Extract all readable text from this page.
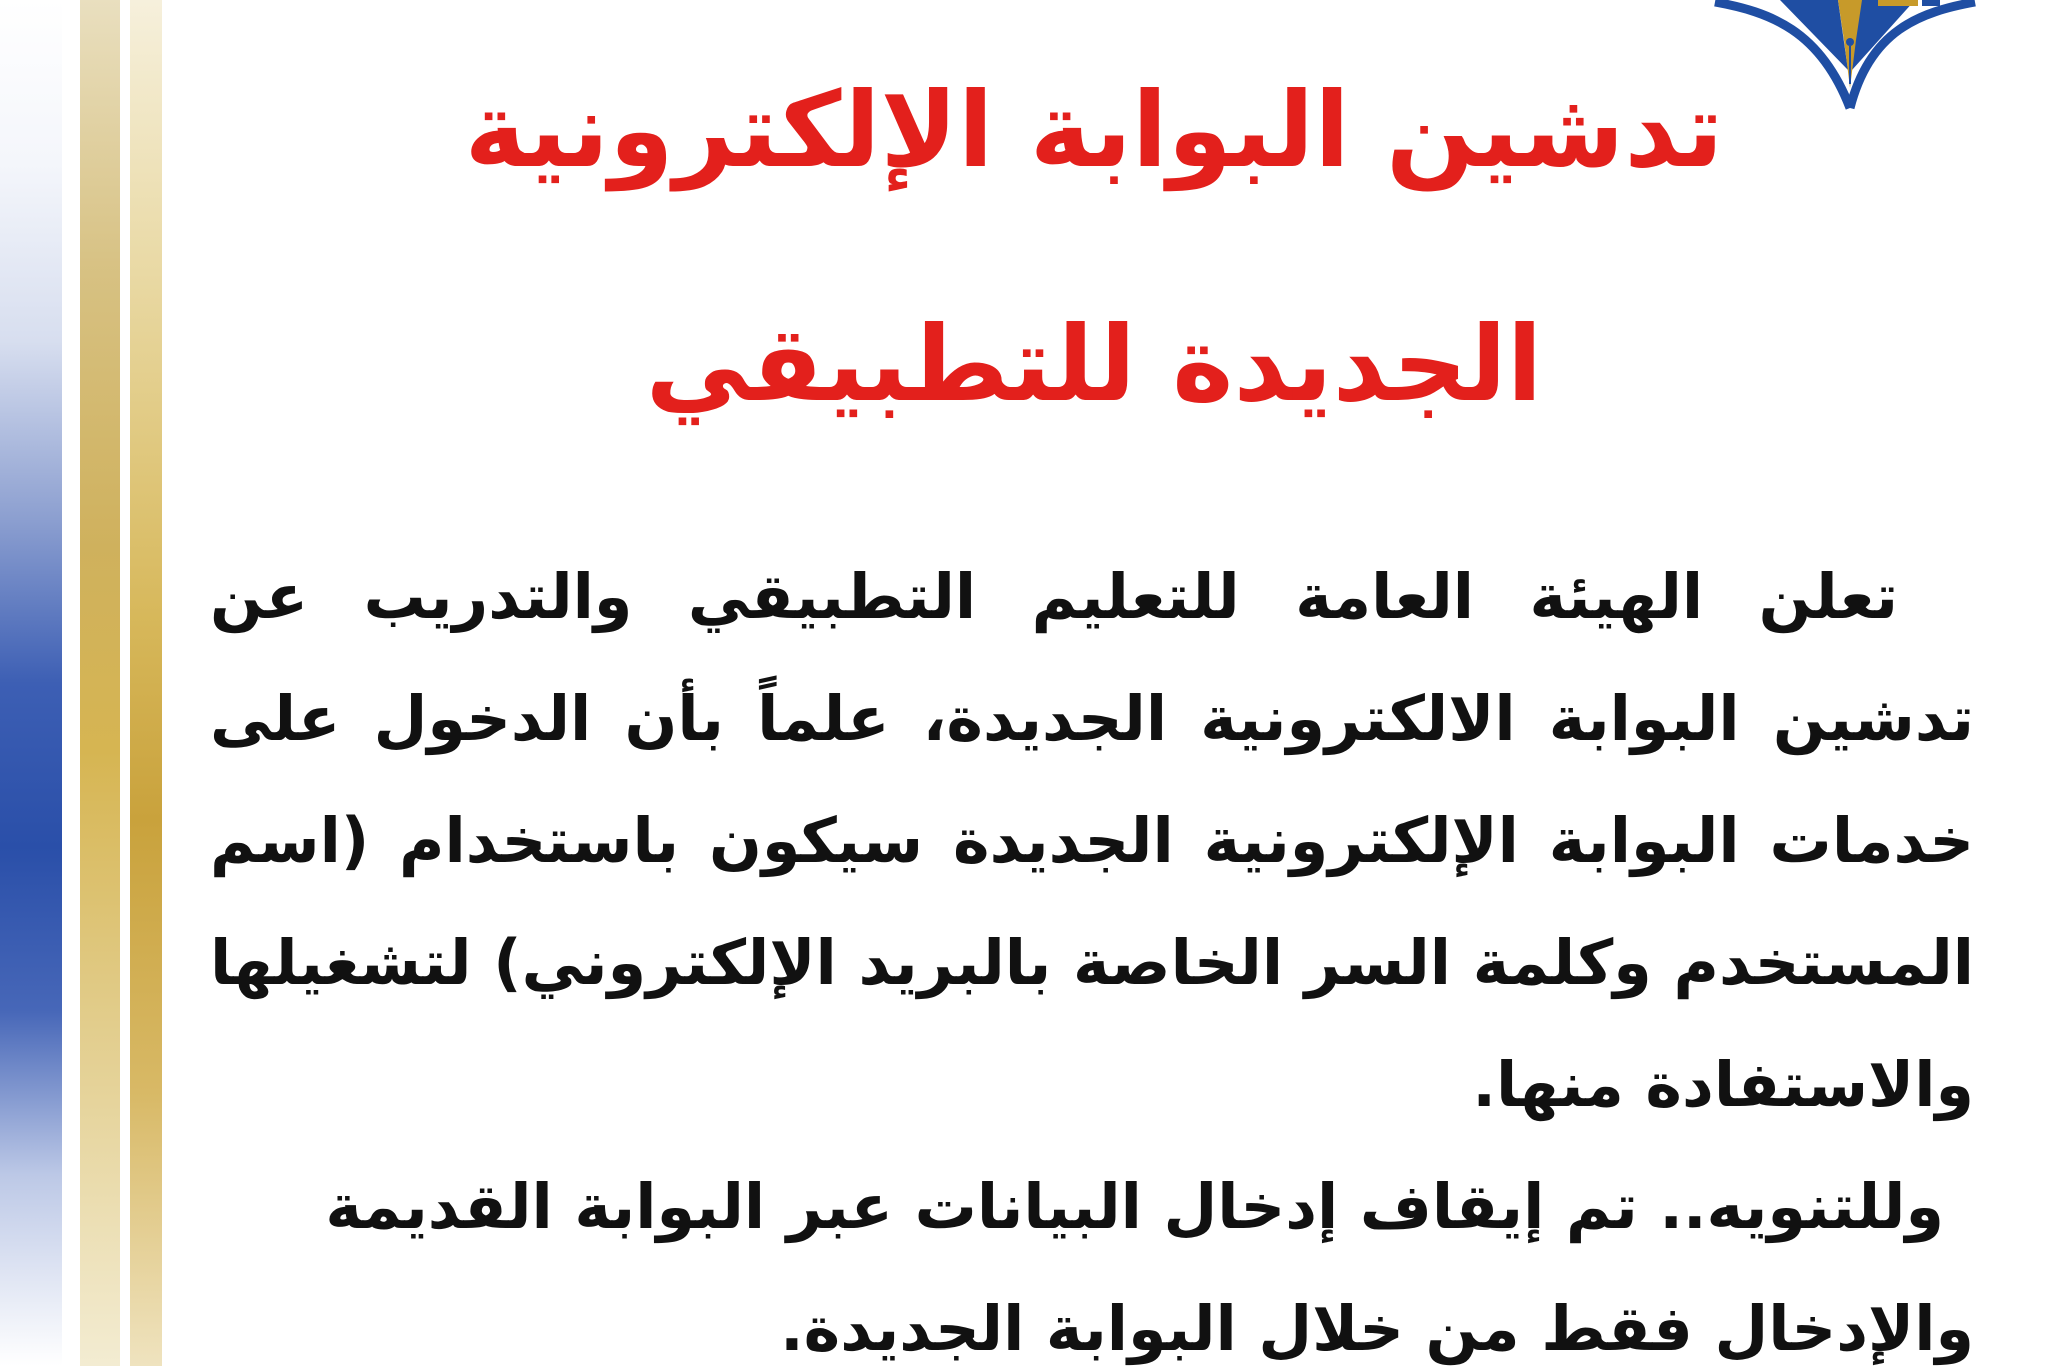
تدشين البوابة الإلكترونية
الجديدة للتطبيقي

تعلن الهيئة العامة للتعليم التطبيقي والتدريب عن تدشين البوابة الالكترونية الجديدة، علماً بأن الدخول على خدمات البوابة الإلكترونية الجديدة سيكون باستخدام (اسم المستخدم وكلمة السر الخاصة بالبريد الإلكتروني) لتشغيلها والاستفادة منها.

وللتنويه.. تم إيقاف إدخال البيانات عبر البوابة القديمة

والإدخال فقط من خلال البوابة الجديدة.
